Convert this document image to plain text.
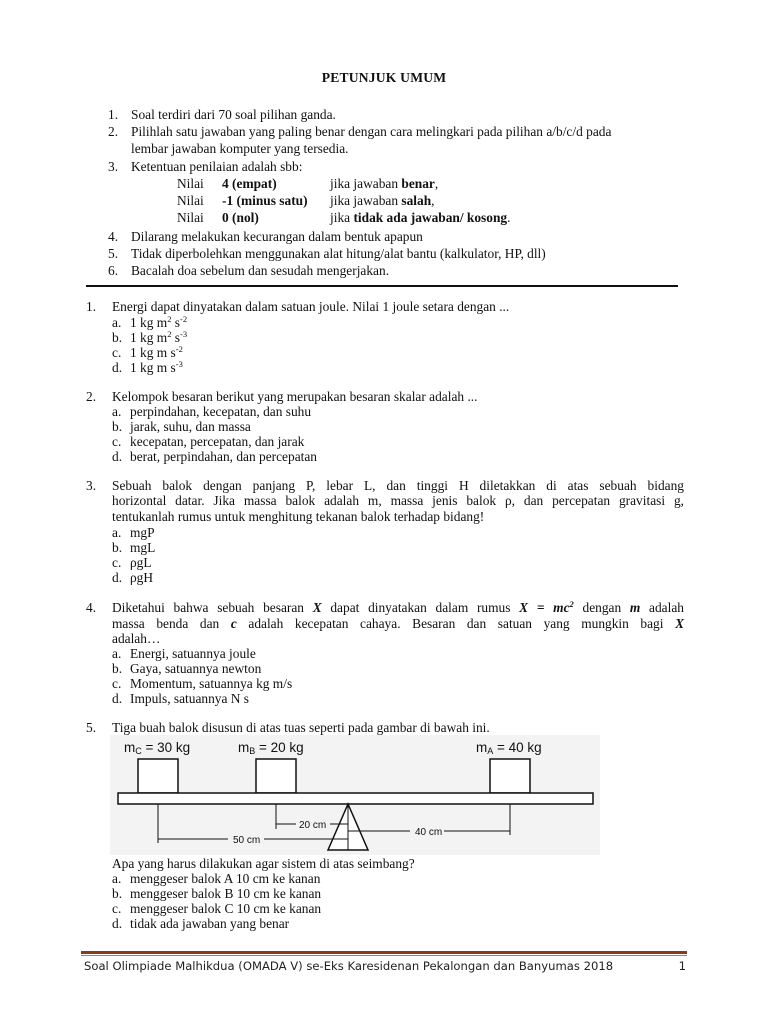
PETUNJUK UMUM
1. Soal terdiri dari 70 soal pilihan ganda.
2. Pilihlah satu jawaban yang paling benar dengan cara melingkari pada pilihan a/b/c/d pada
lembar jawaban komputer yang tersedia.
3. Ketentuan penilaian adalah sbb:
Nilai 4 (empat)	jika jawaban benar,
Nilai -1 (minus satu) jika jawaban salah,
Nilai 0 (nol)	jika tidak ada jawaban/ kosong.
4. Dilarang melakukan kecurangan dalam bentuk apapun
5. Tidak diperbolehkan menggunakan alat hitung/alat bantu (kalkulator, HP, dll)
6. Bacalah doa sebelum dan sesudah mengerjakan.
1. Energi dapat dinyatakan dalam satuan joule. Nilai 1 joule setara dengan ...
a. 1 kg $m^2$ $s^{-2}$
b. 1 kg $m^2$ $s^{-3}$
c. 1 kg m $s^{-2}$
d. 1 kg m $s^{-3}$
2. Kelompok besaran berikut yang merupakan besaran skalar adalah ...
a. perpindahan, kecepatan, dan suhu
b. jarak, suhu, dan massa
c. kecepatan, percepatan, dan jarak
d. berat, perpindahan, dan percepatan
3. Sebuah balok dengan panjang P, lebar L, dan tinggi H diletakkan di atas sebuah bidang
horizontal datar. Jika massa balok adalah m, massa jenis balok ρ, dan percepatan gravitasi g,
tentukanlah rumus untuk menghitung tekanan balok terhadap bidang!
a. mgP
b. mgL
c. ρgL
d. ρgH
4. Diketahui bahwa sebuah besaran X dapat dinyatakan dalam rumus $X = mc^2$ dengan m adalah
massa benda dan c adalah kecepatan cahaya. Besaran dan satuan yang mungkin bagi X
adalah…
a. Energi, satuannya joule
b. Gaya, satuannya newton
c. Momentum, satuannya kg m/s
d. Impuls, satuannya N s
5. Tiga buah balok disusun di atas tuas seperti pada gambar di bawah ini.
mC = 30 kg	mB = 20 kg	mA = 40 kg
20 cm
40 cm
50 cm
Apa yang harus dilakukan agar sistem di atas seimbang?
a. menggeser balok A 10 cm ke kanan
b. menggeser balok B 10 cm ke kanan
c. menggeser balok C 10 cm ke kanan
d. tidak ada jawaban yang benar
Soal Olimpiade Malhikdua (OMADA V) se-Eks Karesidenan Pekalongan dan Banyumas 2018	1
